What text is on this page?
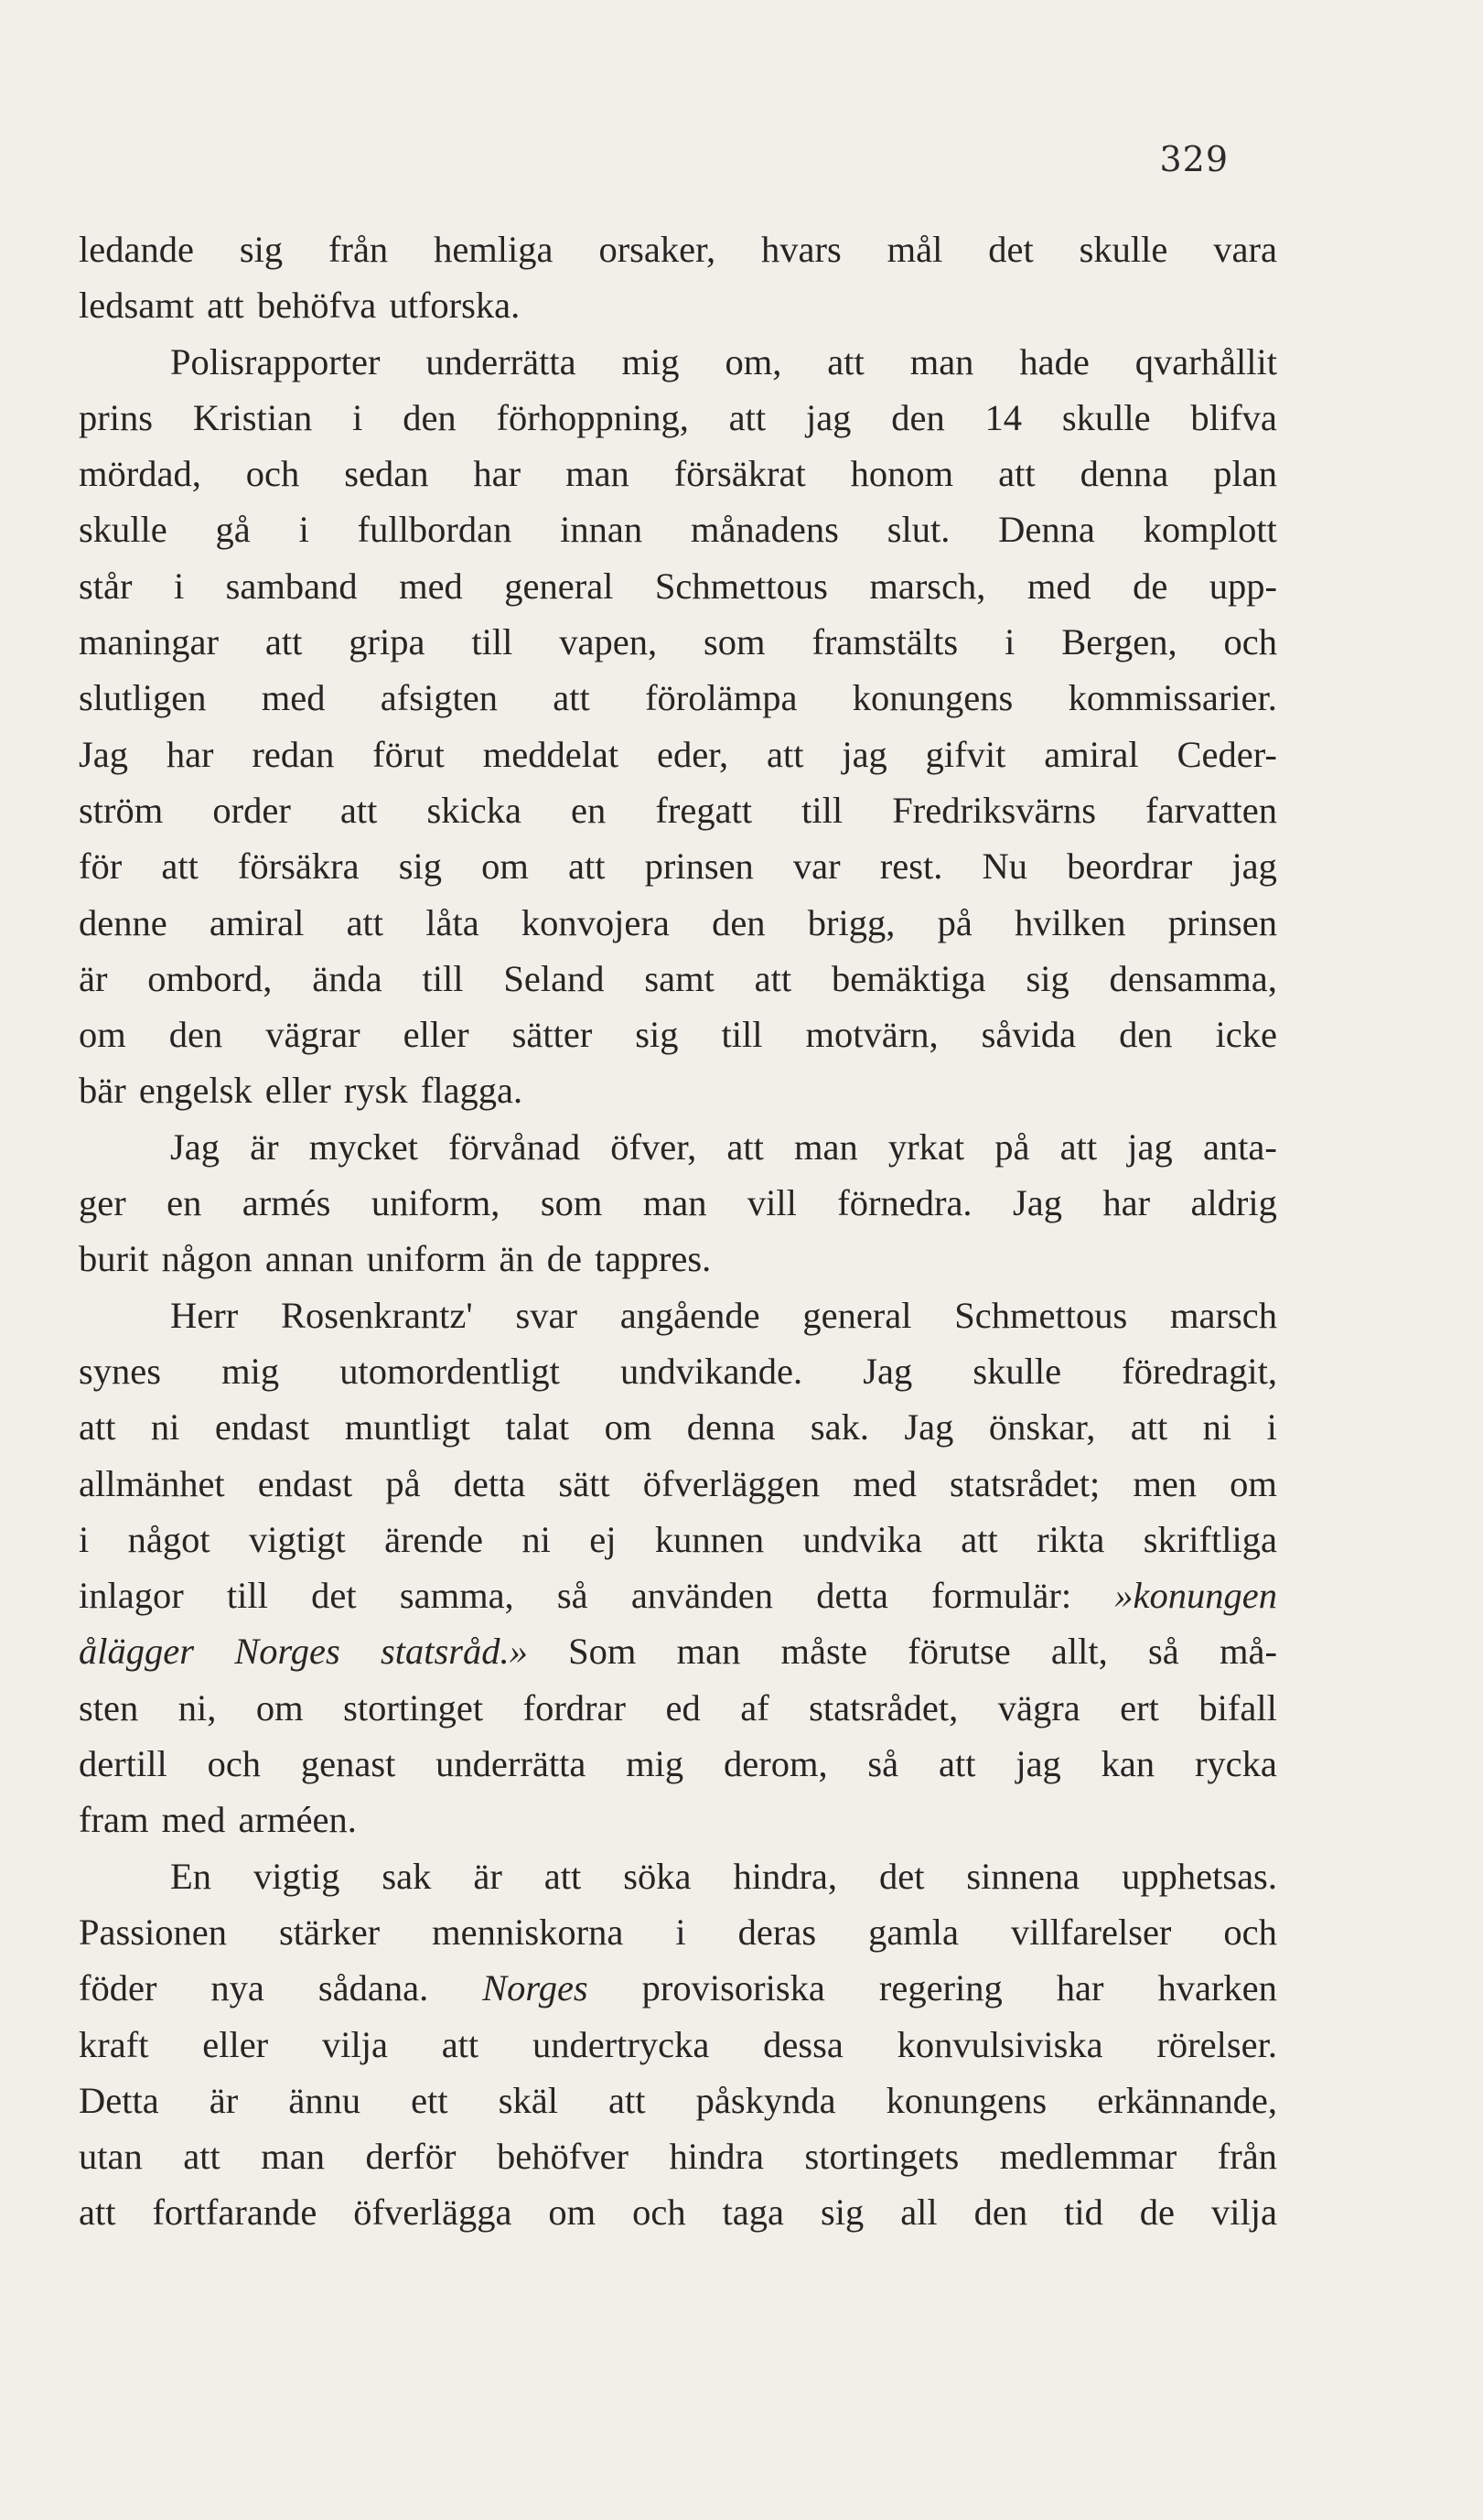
329
ledande sig från hemliga orsaker, hvars mål det skulle vara
ledsamt att behöfva utforska.
Polisrapporter underrätta mig om, att man hade qvarhållit
prins Kristian i den förhoppning, att jag den 14 skulle blifva
mördad, och sedan har man försäkrat honom att denna plan
skulle gå i fullbordan innan månadens slut. Denna komplott
står i samband med general Schmettous marsch, med de upp-
maningar att gripa till vapen, som framstälts i Bergen, och
slutligen med afsigten att förolämpa konungens kommissarier.
Jag har redan förut meddelat eder, att jag gifvit amiral Ceder-
ström order att skicka en fregatt till Fredriksvärns farvatten
för att försäkra sig om att prinsen var rest. Nu beordrar jag
denne amiral att låta konvojera den brigg, på hvilken prinsen
är ombord, ända till Seland samt att bemäktiga sig densamma,
om den vägrar eller sätter sig till motvärn, såvida den icke
bär engelsk eller rysk flagga.
Jag är mycket förvånad öfver, att man yrkat på att jag anta-
ger en armés uniform, som man vill förnedra. Jag har aldrig
burit någon annan uniform än de tappres.
Herr Rosenkrantz' svar angående general Schmettous marsch
synes mig utomordentligt undvikande. Jag skulle föredragit,
att ni endast muntligt talat om denna sak. Jag önskar, att ni i
allmänhet endast på detta sätt öfverläggen med statsrådet; men om
i något vigtigt ärende ni ej kunnen undvika att rikta skriftliga
inlagor till det samma, så använden detta formulär: »konungen
ålägger Norges statsråd.» Som man måste förutse allt, så må-
sten ni, om stortinget fordrar ed af statsrådet, vägra ert bifall
dertill och genast underrätta mig derom, så att jag kan rycka
fram med arméen.
En vigtig sak är att söka hindra, det sinnena upphetsas.
Passionen stärker menniskorna i deras gamla villfarelser och
föder nya sådana. Norges provisoriska regering har hvarken
kraft eller vilja att undertrycka dessa konvulsiviska rörelser.
Detta är ännu ett skäl att påskynda konungens erkännande,
utan att man derför behöfver hindra stortingets medlemmar från
att fortfarande öfverlägga om och taga sig all den tid de vilja
